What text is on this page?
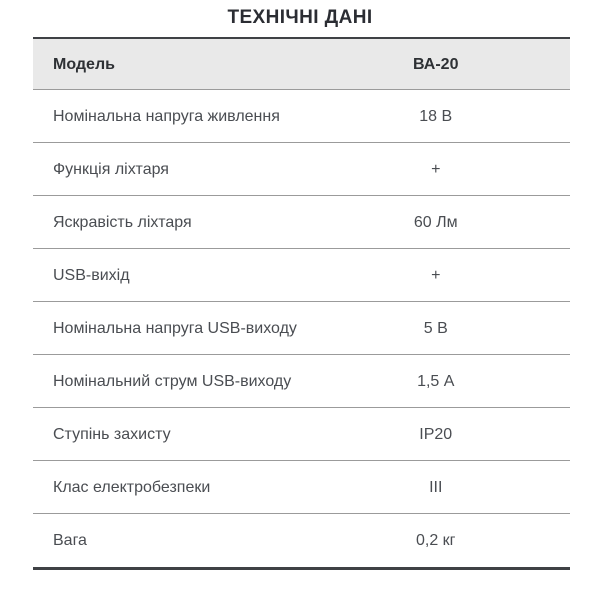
ТЕХНІЧНІ ДАНІ
Модель	ВА-20
Номінальна напруга живлення	18 В
Функція ліхтаря	+
Яскравість ліхтаря	60 Лм
USB-вихід	+
Номінальна напруга USB-виходу	5 В
Номінальний струм USB-виходу	1,5 А
Ступінь захисту	IP20
Клас електробезпеки	III
Вага	0,2 кг
